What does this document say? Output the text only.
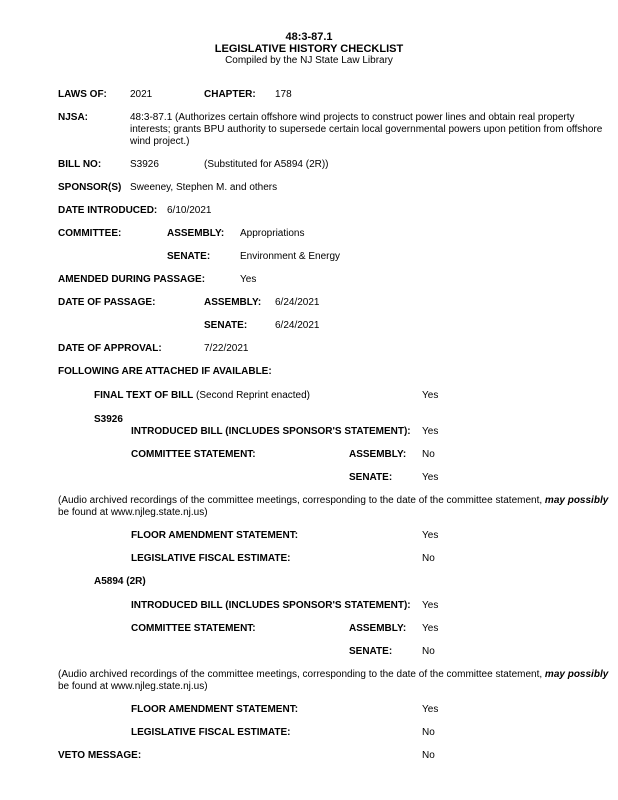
48:3-87.1
LEGISLATIVE HISTORY CHECKLIST
Compiled by the NJ State Law Library
LAWS OF: 2021	CHAPTER: 178
NJSA:	48:3-87.1 (Authorizes certain offshore wind projects to construct power lines and obtain real property
interests; grants BPU authority to supersede certain local governmental powers upon petition from offshore
wind project.)
BILL NO:	S3926	(Substituted for A5894 (2R))
SPONSOR(S) Sweeney, Stephen M. and others
DATE INTRODUCED: 6/10/2021
COMMITTEE:	ASSEMBLY: Appropriations
SENATE:	Environment & Energy
AMENDED DURING PASSAGE:	Yes
DATE OF PASSAGE:	ASSEMBLY: 6/24/2021
SENATE:	6/24/2021
DATE OF APPROVAL:	7/22/2021
FOLLOWING ARE ATTACHED IF AVAILABLE:
FINAL TEXT OF BILL (Second Reprint enacted)	Yes
S3926
INTRODUCED BILL (INCLUDES SPONSOR'S STATEMENT): Yes
COMMITTEE STATEMENT:	ASSEMBLY: No
SENATE:	Yes
(Audio archived recordings of the committee meetings, corresponding to the date of the committee statement, may possibly
be found at www.njleg.state.nj.us)
FLOOR AMENDMENT STATEMENT:	Yes
LEGISLATIVE FISCAL ESTIMATE:	No
A5894 (2R)
INTRODUCED BILL (INCLUDES SPONSOR'S STATEMENT): Yes
COMMITTEE STATEMENT:	ASSEMBLY: Yes
SENATE:	No
(Audio archived recordings of the committee meetings, corresponding to the date of the committee statement, may possibly
be found at www.njleg.state.nj.us)
FLOOR AMENDMENT STATEMENT:	Yes
LEGISLATIVE FISCAL ESTIMATE:	No
VETO MESSAGE:	No
